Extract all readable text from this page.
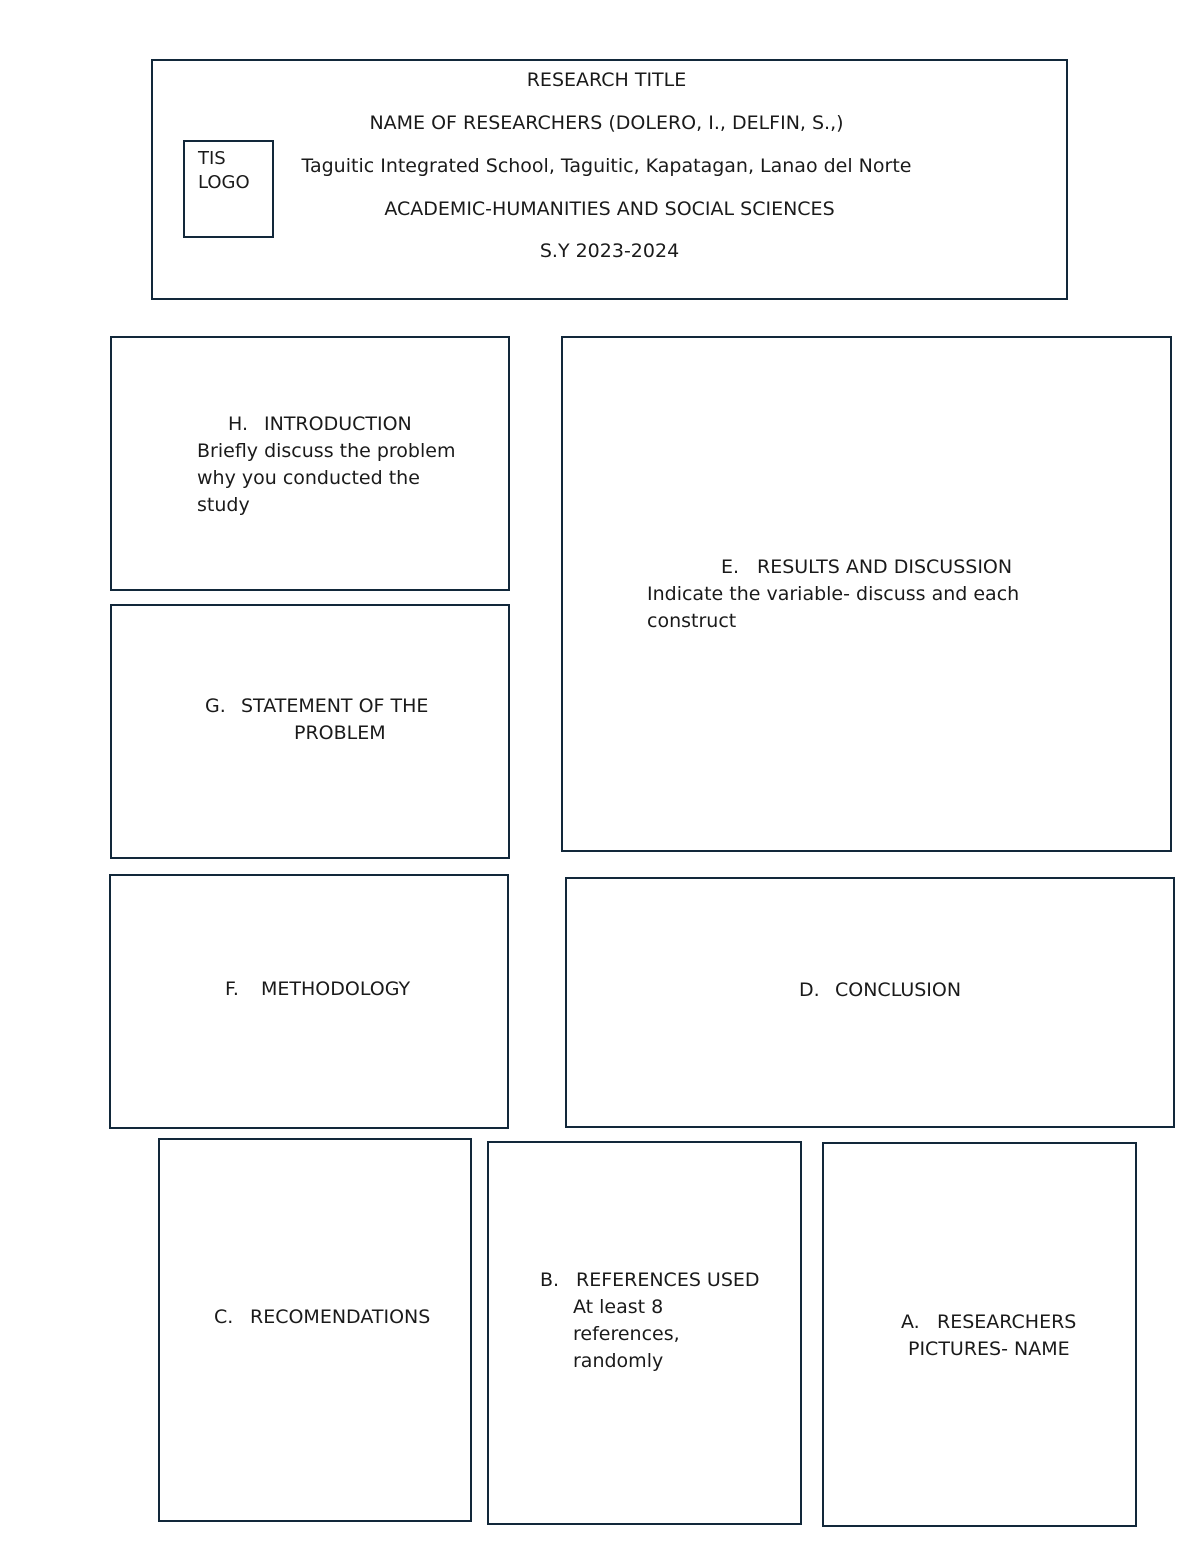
RESEARCH TITLE
NAME OF RESEARCHERS (DOLERO, I., DELFIN, S.,)
Taguitic Integrated School, Taguitic, Kapatagan, Lanao del Norte
ACADEMIC-HUMANITIES AND SOCIAL SCIENCES
S.Y 2023-2024
TIS
LOGO
H. INTRODUCTION
Briefly discuss the problem
why you conducted the
study
G. STATEMENT OF THE
PROBLEM
E. RESULTS AND DISCUSSION
Indicate the variable- discuss and each
construct
F. METHODOLOGY	D. CONCLUSION
C. RECOMENDATIONS
B. REFERENCES USED
At least 8
references,
randomly
A. RESEARCHERS
PICTURES- NAME
